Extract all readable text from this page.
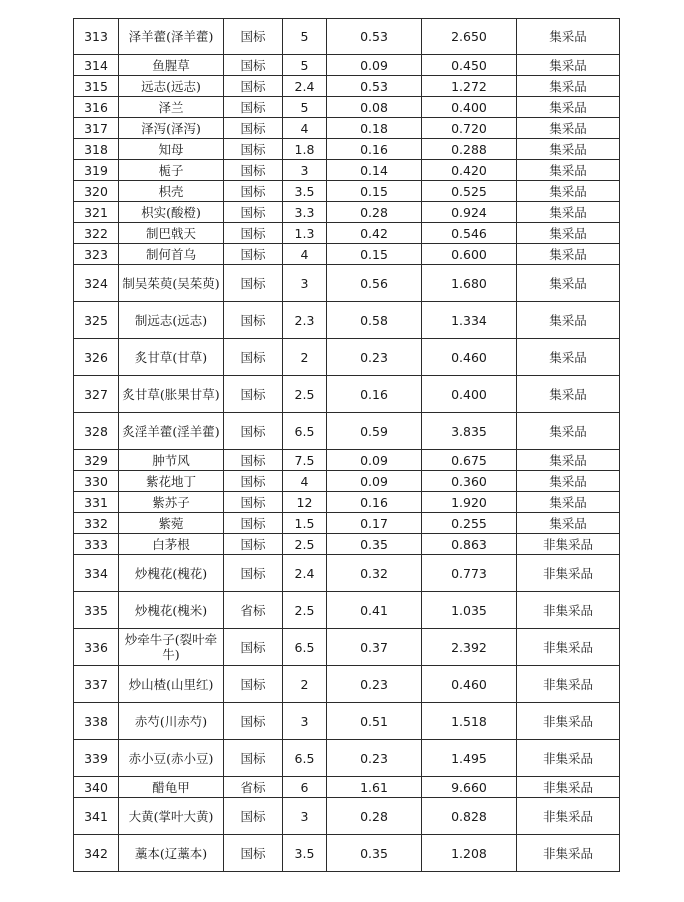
313	泽羊藿(泽羊藿)	国标	5	0.53	2.650	集采品
314	鱼腥草	国标	5	0.09	0.450	集采品
315	远志(远志)	国标	2.4	0.53	1.272	集采品
316	泽兰	国标	5	0.08	0.400	集采品
317	泽泻(泽泻)	国标	4	0.18	0.720	集采品
318	知母	国标	1.8	0.16	0.288	集采品
319	栀子	国标	3	0.14	0.420	集采品
320	枳壳	国标	3.5	0.15	0.525	集采品
321	枳实(酸橙)	国标	3.3	0.28	0.924	集采品
322	制巴戟天	国标	1.3	0.42	0.546	集采品
323	制何首乌	国标	4	0.15	0.600	集采品
324	制吴茱萸(吴茱萸)	国标	3	0.56	1.680	集采品
325	制远志(远志)	国标	2.3	0.58	1.334	集采品
326	炙甘草(甘草)	国标	2	0.23	0.460	集采品
327	炙甘草(胀果甘草)	国标	2.5	0.16	0.400	集采品
328	炙淫羊藿(淫羊藿)	国标	6.5	0.59	3.835	集采品
329	肿节风	国标	7.5	0.09	0.675	集采品
330	紫花地丁	国标	4	0.09	0.360	集采品
331	紫苏子	国标	12	0.16	1.920	集采品
332	紫菀	国标	1.5	0.17	0.255	集采品
333	白茅根	国标	2.5	0.35	0.863	非集采品
334	炒槐花(槐花)	国标	2.4	0.32	0.773	非集采品
335	炒槐花(槐米)	省标	2.5	0.41	1.035	非集采品
336	炒牵牛子(裂叶牵牛)	国标	6.5	0.37	2.392	非集采品
337	炒山楂(山里红)	国标	2	0.23	0.460	非集采品
338	赤芍(川赤芍)	国标	3	0.51	1.518	非集采品
339	赤小豆(赤小豆)	国标	6.5	0.23	1.495	非集采品
340	醋龟甲	省标	6	1.61	9.660	非集采品
341	大黄(掌叶大黄)	国标	3	0.28	0.828	非集采品
342	藁本(辽藁本)	国标	3.5	0.35	1.208	非集采品
